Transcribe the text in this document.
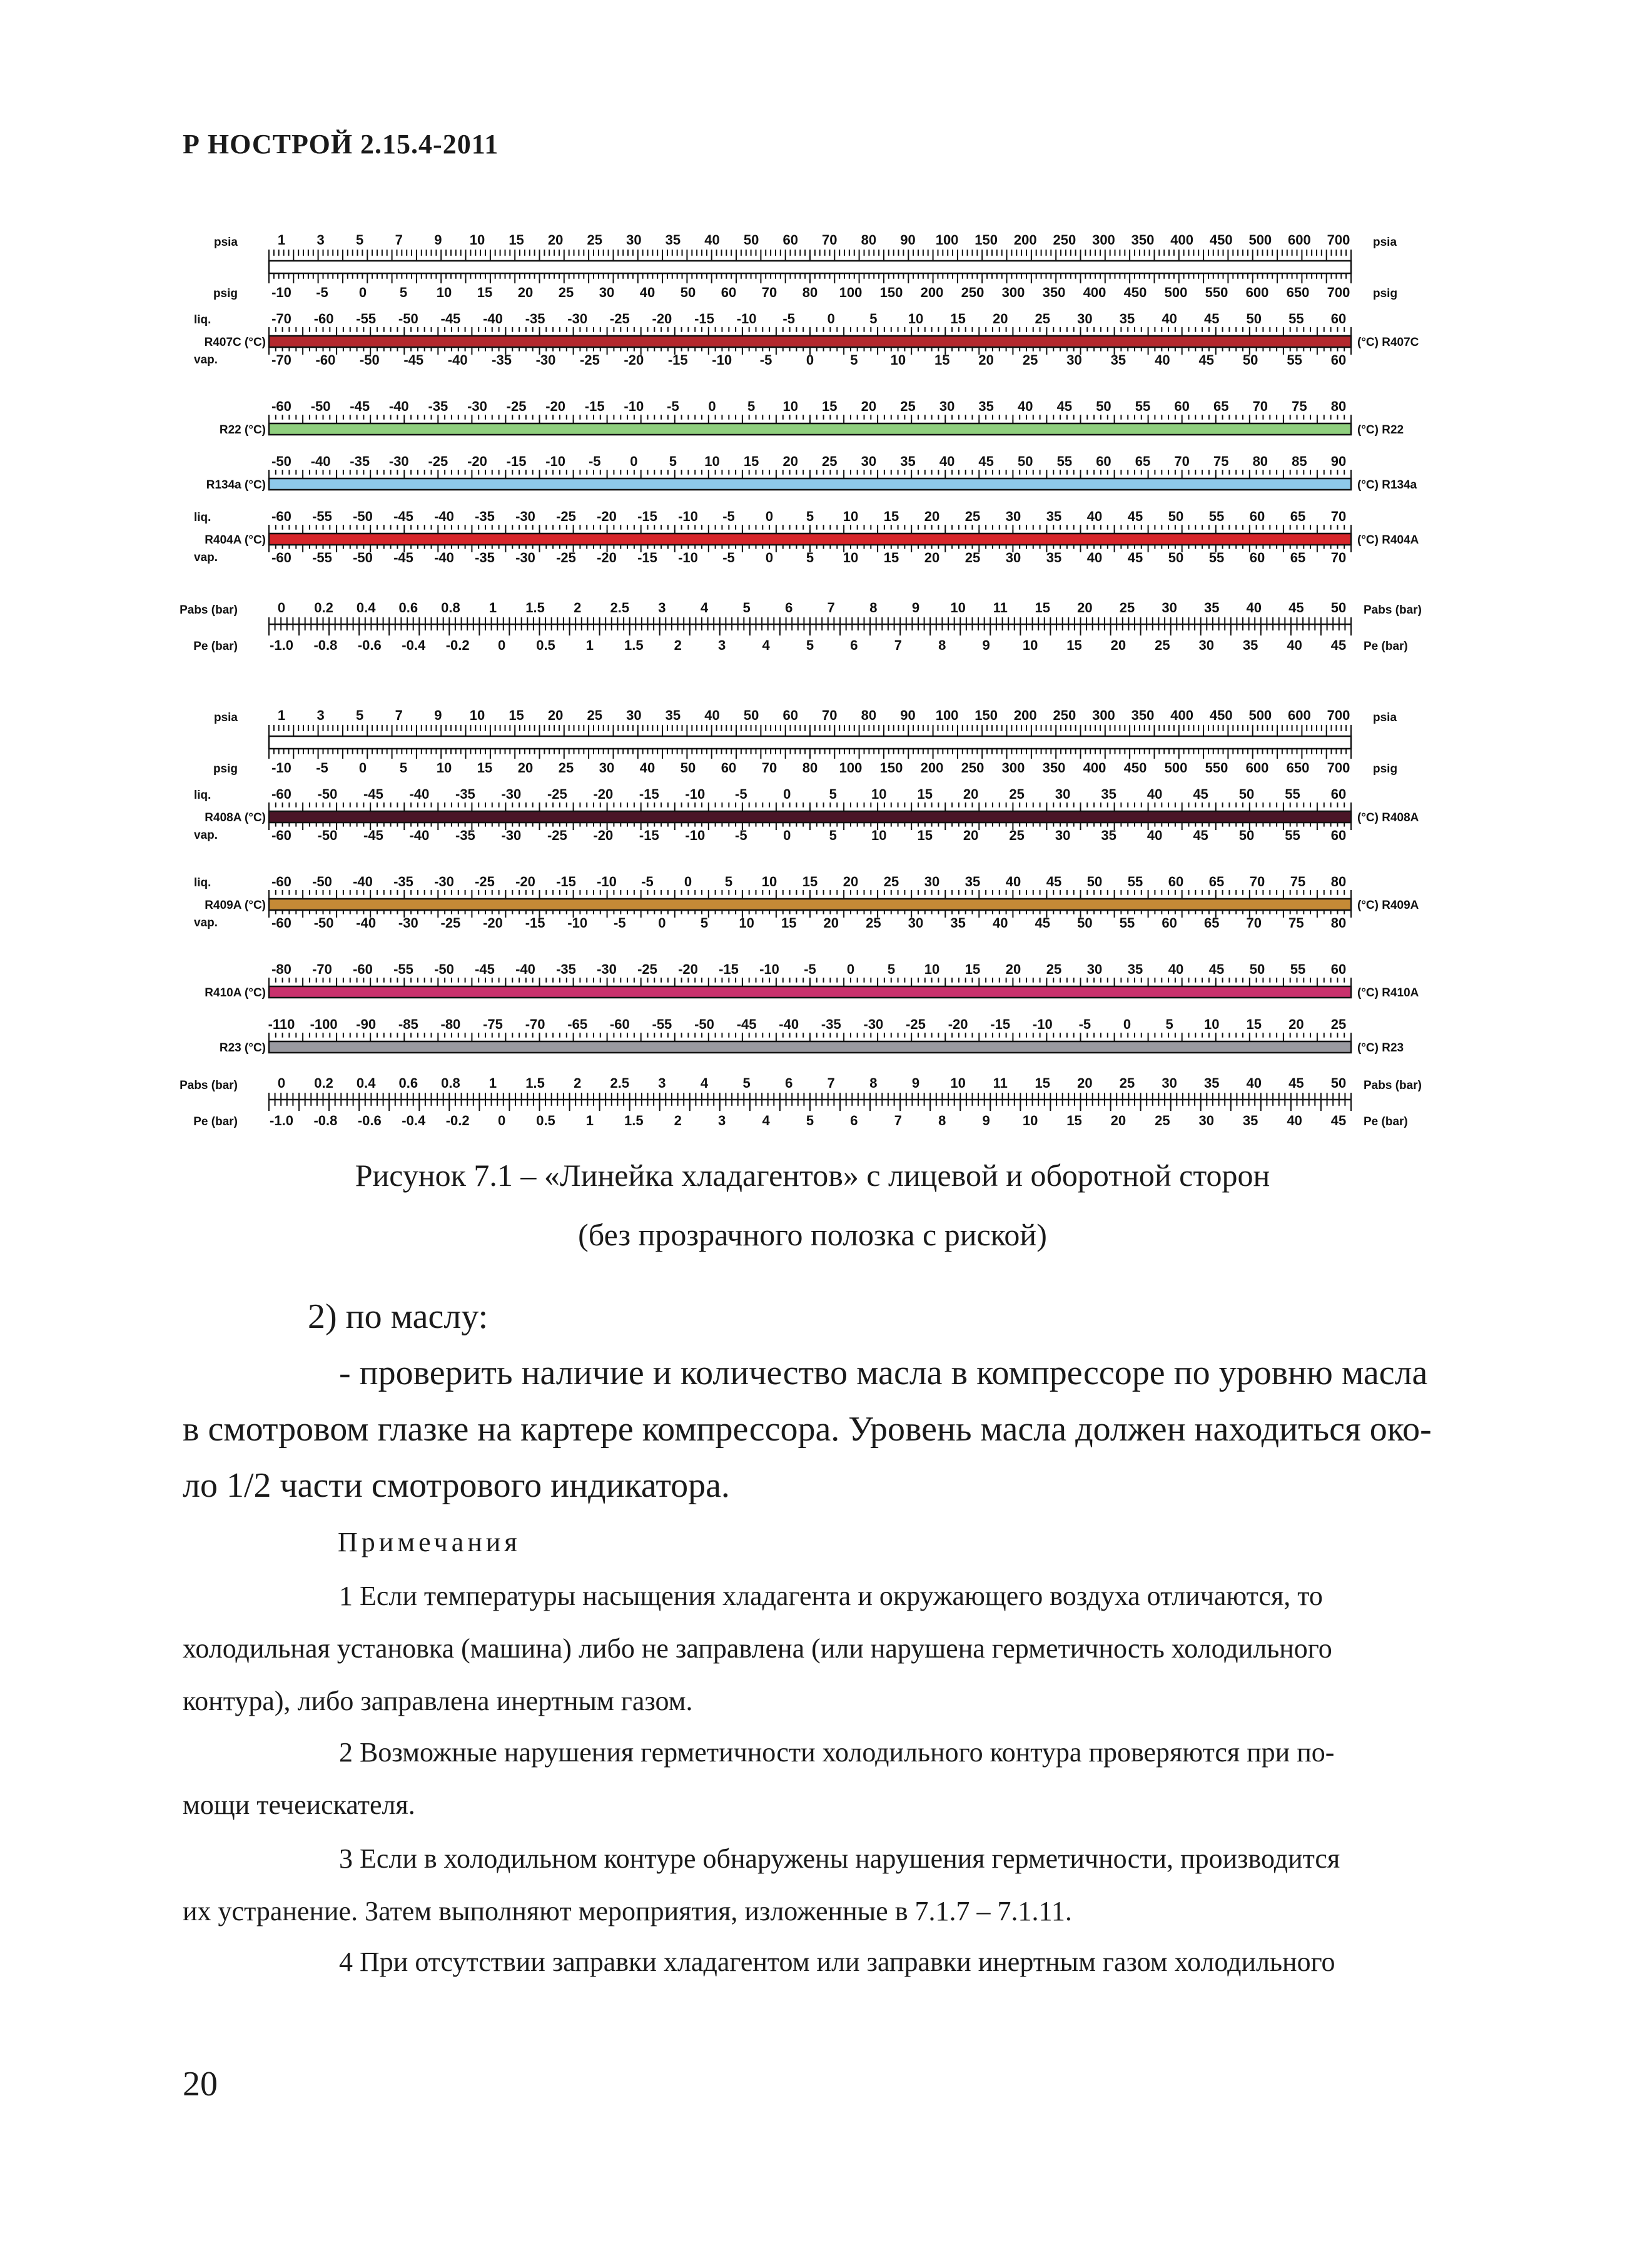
Р НОСТРОЙ 2.15.4-2011
psia	psia
1 3 5 7 9 10 15 20 25 30 35 40 50 60 70 80 90 100 150 200 250 300 350 400 450 500 600 700
psig	psig
-10 -5 0 5 10 15 20 25 30 40 50 60 70 80 100 150 200 250 300 350 400 450 500 550 600 650 700
liq.	-70 -60 -55 -50 -45 -40 -35 -30 -25 -20 -15 -10 -5 0	5 10 15 20 25 30 35 40 45 50 55 60
R407C (°C)	(°C) R407C
vap.	-70 -60 -50 -45 -40 -35 -30 -25 -20 -15 -10 -5 0	5 10 15 20 25 30 35 40 45 50 55 60
-60 -50 -45 -40 -35 -30 -25 -20 -15 -10 -5 0 5 10 15 20 25 30 35 40 45 50 55 60 65 70 75 80
R22 (°C)	(°C) R22
-50 -40 -35 -30 -25 -20 -15 -10 -5 0 5 10 15 20 25 30 35 40 45 50 55 60 65 70 75 80 85 90
R134a (°C)	(°C) R134a
liq.	-60 -55 -50 -45 -40 -35 -30 -25 -20 -15 -10 -5 0 5 10 15 20 25 30 35 40 45 50 55 60 65 70
R404A (°C)	(°C) R404A
vap.	-60 -55 -50 -45 -40 -35 -30 -25 -20 -15 -10 -5 0 5 10 15 20 25 30 35 40 45 50 55 60 65 70
Pabs (bar)	Pabs (bar)
0 0.2 0.4 0.6 0.8 1 1.5 2 2.5 3	4	5	6	7	8	9 10 11 15 20 25 30 35 40 45 50
Pe (bar)	Pe (bar)
-1.0 -0.8 -0.6 -0.4 -0.2 0 0.5 1 1.5 2	3	4	5	6	7	8	9 10 15 20 25 30 35 40 45
psia	psia
1 3 5 7 9 10 15 20 25 30 35 40 50 60 70 80 90 100 150 200 250 300 350 400 450 500 600 700
psig	psig
-10 -5 0 5 10 15 20 25 30 40 50 60 70 80 100 150 200 250 300 350 400 450 500 550 600 650 700
liq.	-60 -50 -45 -40 -35 -30 -25 -20 -15 -10 -5	0	5	10 15 20 25 30 35 40 45 50 55 60
R408A (°C)	(°C) R408A
vap.	-60 -50 -45 -40 -35 -30 -25 -20 -15 -10 -5	0	5	10 15 20 25 30 35 40 45 50 55 60
liq.	-60 -50 -40 -35 -30 -25 -20 -15 -10 -5 0 5 10 15 20 25 30 35 40 45 50 55 60 65 70 75 80
R409A (°C)	(°C) R409A
vap.	-60 -50 -40 -30 -25 -20 -15 -10 -5 0	5 10 15 20 25 30 35 40 45 50 55 60 65 70 75 80
-80 -70 -60 -55 -50 -45 -40 -35 -30 -25 -20 -15 -10 -5 0 5 10 15 20 25 30 35 40 45 50 55 60
R410A (°C)	(°C) R410A
-110 -100 -90 -85 -80 -75 -70 -65 -60 -55 -50 -45 -40 -35 -30 -25 -20 -15 -10 -5 0	5 10 15 20 25
R23 (°C)	(°C) R23
Pabs (bar)	Pabs (bar)
0 0.2 0.4 0.6 0.8 1 1.5 2 2.5 3	4	5	6	7	8	9 10 11 15 20 25 30 35 40 45 50
Pe (bar)	Pe (bar)
-1.0 -0.8 -0.6 -0.4 -0.2 0 0.5 1 1.5 2	3	4	5	6	7	8	9 10 15 20 25 30 35 40 45
Рисунок 7.1 – «Линейка хладагентов» с лицевой и оборотной сторон
(без прозрачного полозка с риской)
2) по маслу:
- проверить наличие и количество масла в компрессоре по уровню масла
в смотровом глазке на картере компрессора. Уровень масла должен находиться око-
ло 1/2 части смотрового индикатора.
Примечания
1 Если температуры насыщения хладагента и окружающего воздуха отличаются, то
холодильная установка (машина) либо не заправлена (или нарушена герметичность холодильного
контура), либо заправлена инертным газом.
2 Возможные нарушения герметичности холодильного контура проверяются при по-
мощи течеискателя.
3 Если в холодильном контуре обнаружены нарушения герметичности, производится
их устранение. Затем выполняют мероприятия, изложенные в 7.1.7 – 7.1.11.
4 При отсутствии заправки хладагентом или заправки инертным газом холодильного
20
